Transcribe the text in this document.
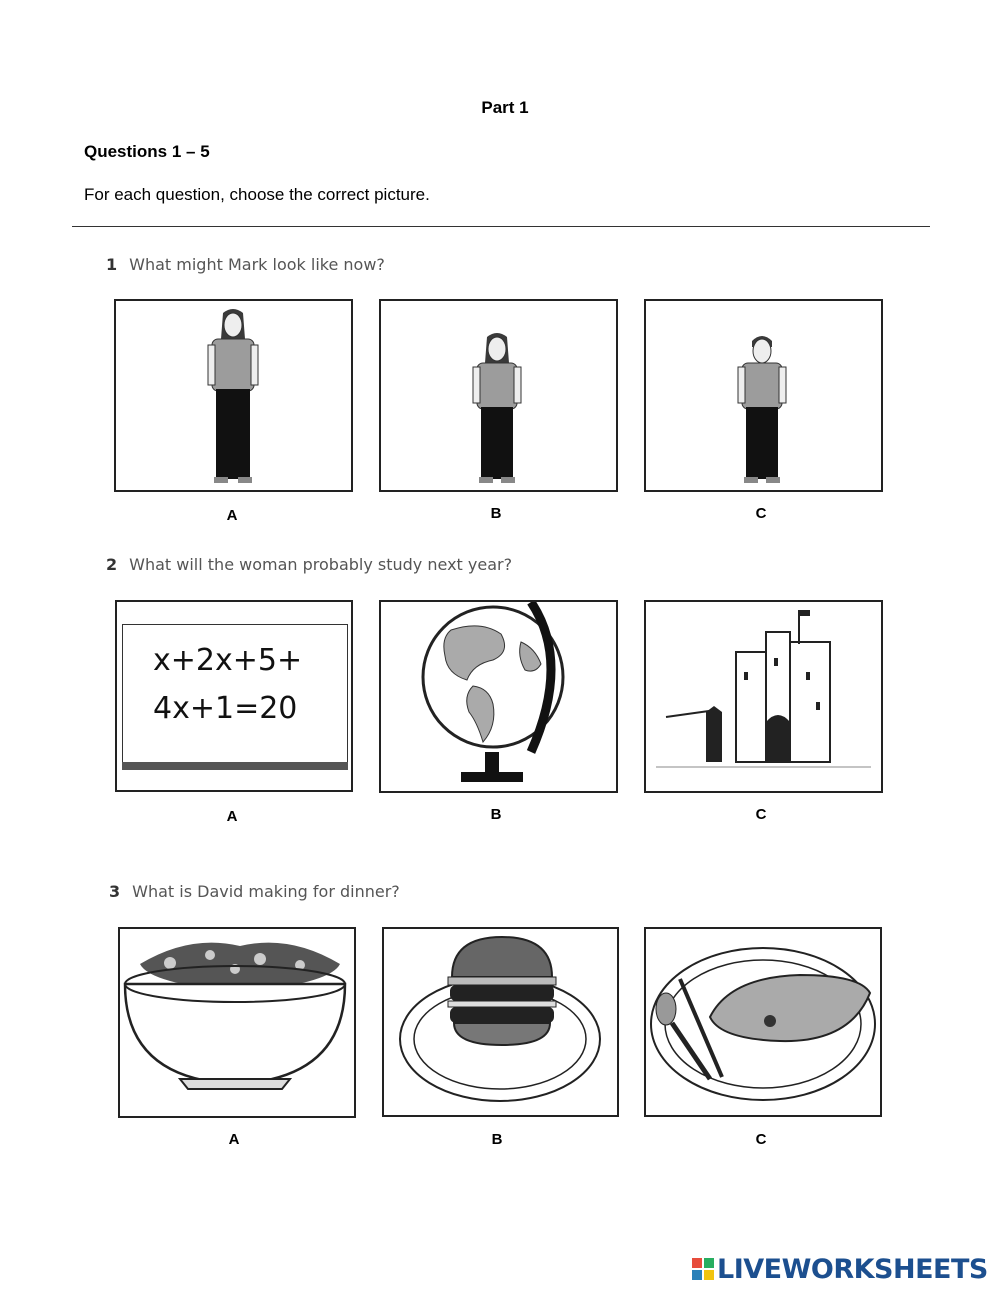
Part 1
Questions 1 – 5
For each question, choose the correct picture.
1 What might Mark look like now?
A	B	C
2 What will the woman probably study next year?
x+2x+5+
4x+1=20
A	B	C
3 What is David making for dinner?
A	B	C
LIVEWORKSHEETS
